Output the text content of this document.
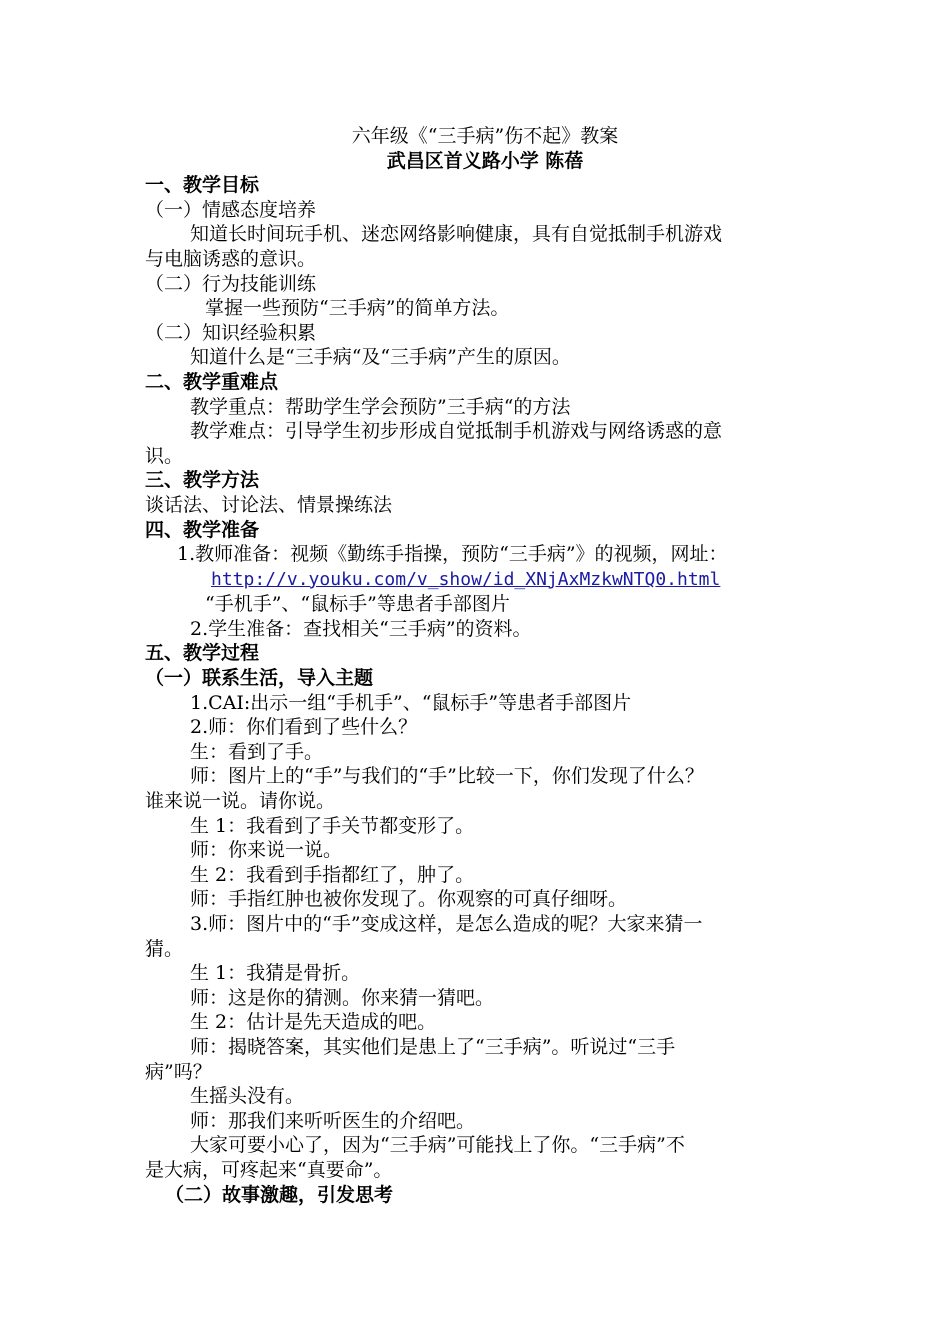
六年级《“三手病”伤不起》教案
武昌区首义路小学 陈蓓
一、教学目标
（一）情感态度培养
知道长时间玩手机、迷恋网络影响健康，具有自觉抵制手机游戏
与电脑诱惑的意识。
（二）行为技能训练
掌握一些预防“三手病”的简单方法。
（二）知识经验积累
知道什么是“三手病“及“三手病”产生的原因。
二、教学重难点
教学重点：帮助学生学会预防”三手病“的方法
教学难点：引导学生初步形成自觉抵制手机游戏与网络诱惑的意
识。
三、教学方法
谈话法、讨论法、情景操练法
四、教学准备
1.教师准备：视频《勤练手指操，预防“三手病”》的视频，网址：
http://v.youku.com/v_show/id_XNjAxMzkwNTQ0.html
“手机手”、“鼠标手”等患者手部图片
2.学生准备：查找相关“三手病”的资料。
五、教学过程
（一）联系生活，导入主题
1.CAI:出示一组“手机手”、“鼠标手”等患者手部图片
2.师：你们看到了些什么？
生：看到了手。
师：图片上的“手”与我们的“手”比较一下，你们发现了什么？
谁来说一说。请你说。
生 1：我看到了手关节都变形了。
师：你来说一说。
生 2：我看到手指都红了，肿了。
师：手指红肿也被你发现了。你观察的可真仔细呀。
3.师：图片中的“手”变成这样，是怎么造成的呢？大家来猜一
猜。
生 1：我猜是骨折。
师：这是你的猜测。你来猜一猜吧。
生 2：估计是先天造成的吧。
师：揭晓答案，其实他们是患上了“三手病”。听说过“三手
病”吗？
生摇头没有。
师：那我们来听听医生的介绍吧。
大家可要小心了，因为“三手病”可能找上了你。“三手病”不
是大病，可疼起来“真要命”。
（二）故事激趣，引发思考
